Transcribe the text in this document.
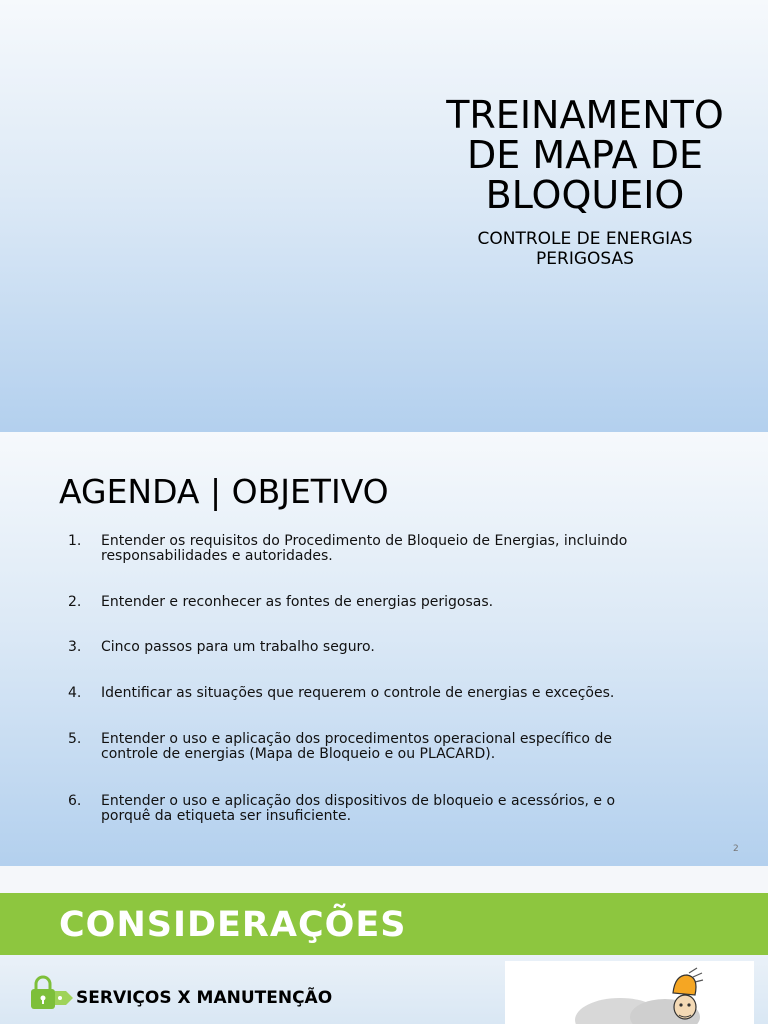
TREINAMENTO
DE MAPA DE
BLOQUEIO
CONTROLE DE ENERGIAS
PERIGOSAS
AGENDA | OBJETIVO
1.	Entender os requisitos do Procedimento de Bloqueio de Energias, incluindo
responsabilidades e autoridades.
2.	Entender e reconhecer as fontes de energias perigosas.
3.	Cinco passos para um trabalho seguro.
4.	Identificar as situações que requerem o controle de energias e exceções.
5.	Entender o uso e aplicação dos procedimentos operacional específico de
controle de energias (Mapa de Bloqueio e ou PLACARD).
6.	Entender o uso e aplicação dos dispositivos de bloqueio e acessórios, e o
porquê da etiqueta ser insuficiente.
2
CONSIDERAÇÕES
SERVIÇOS X MANUTENÇÃO
